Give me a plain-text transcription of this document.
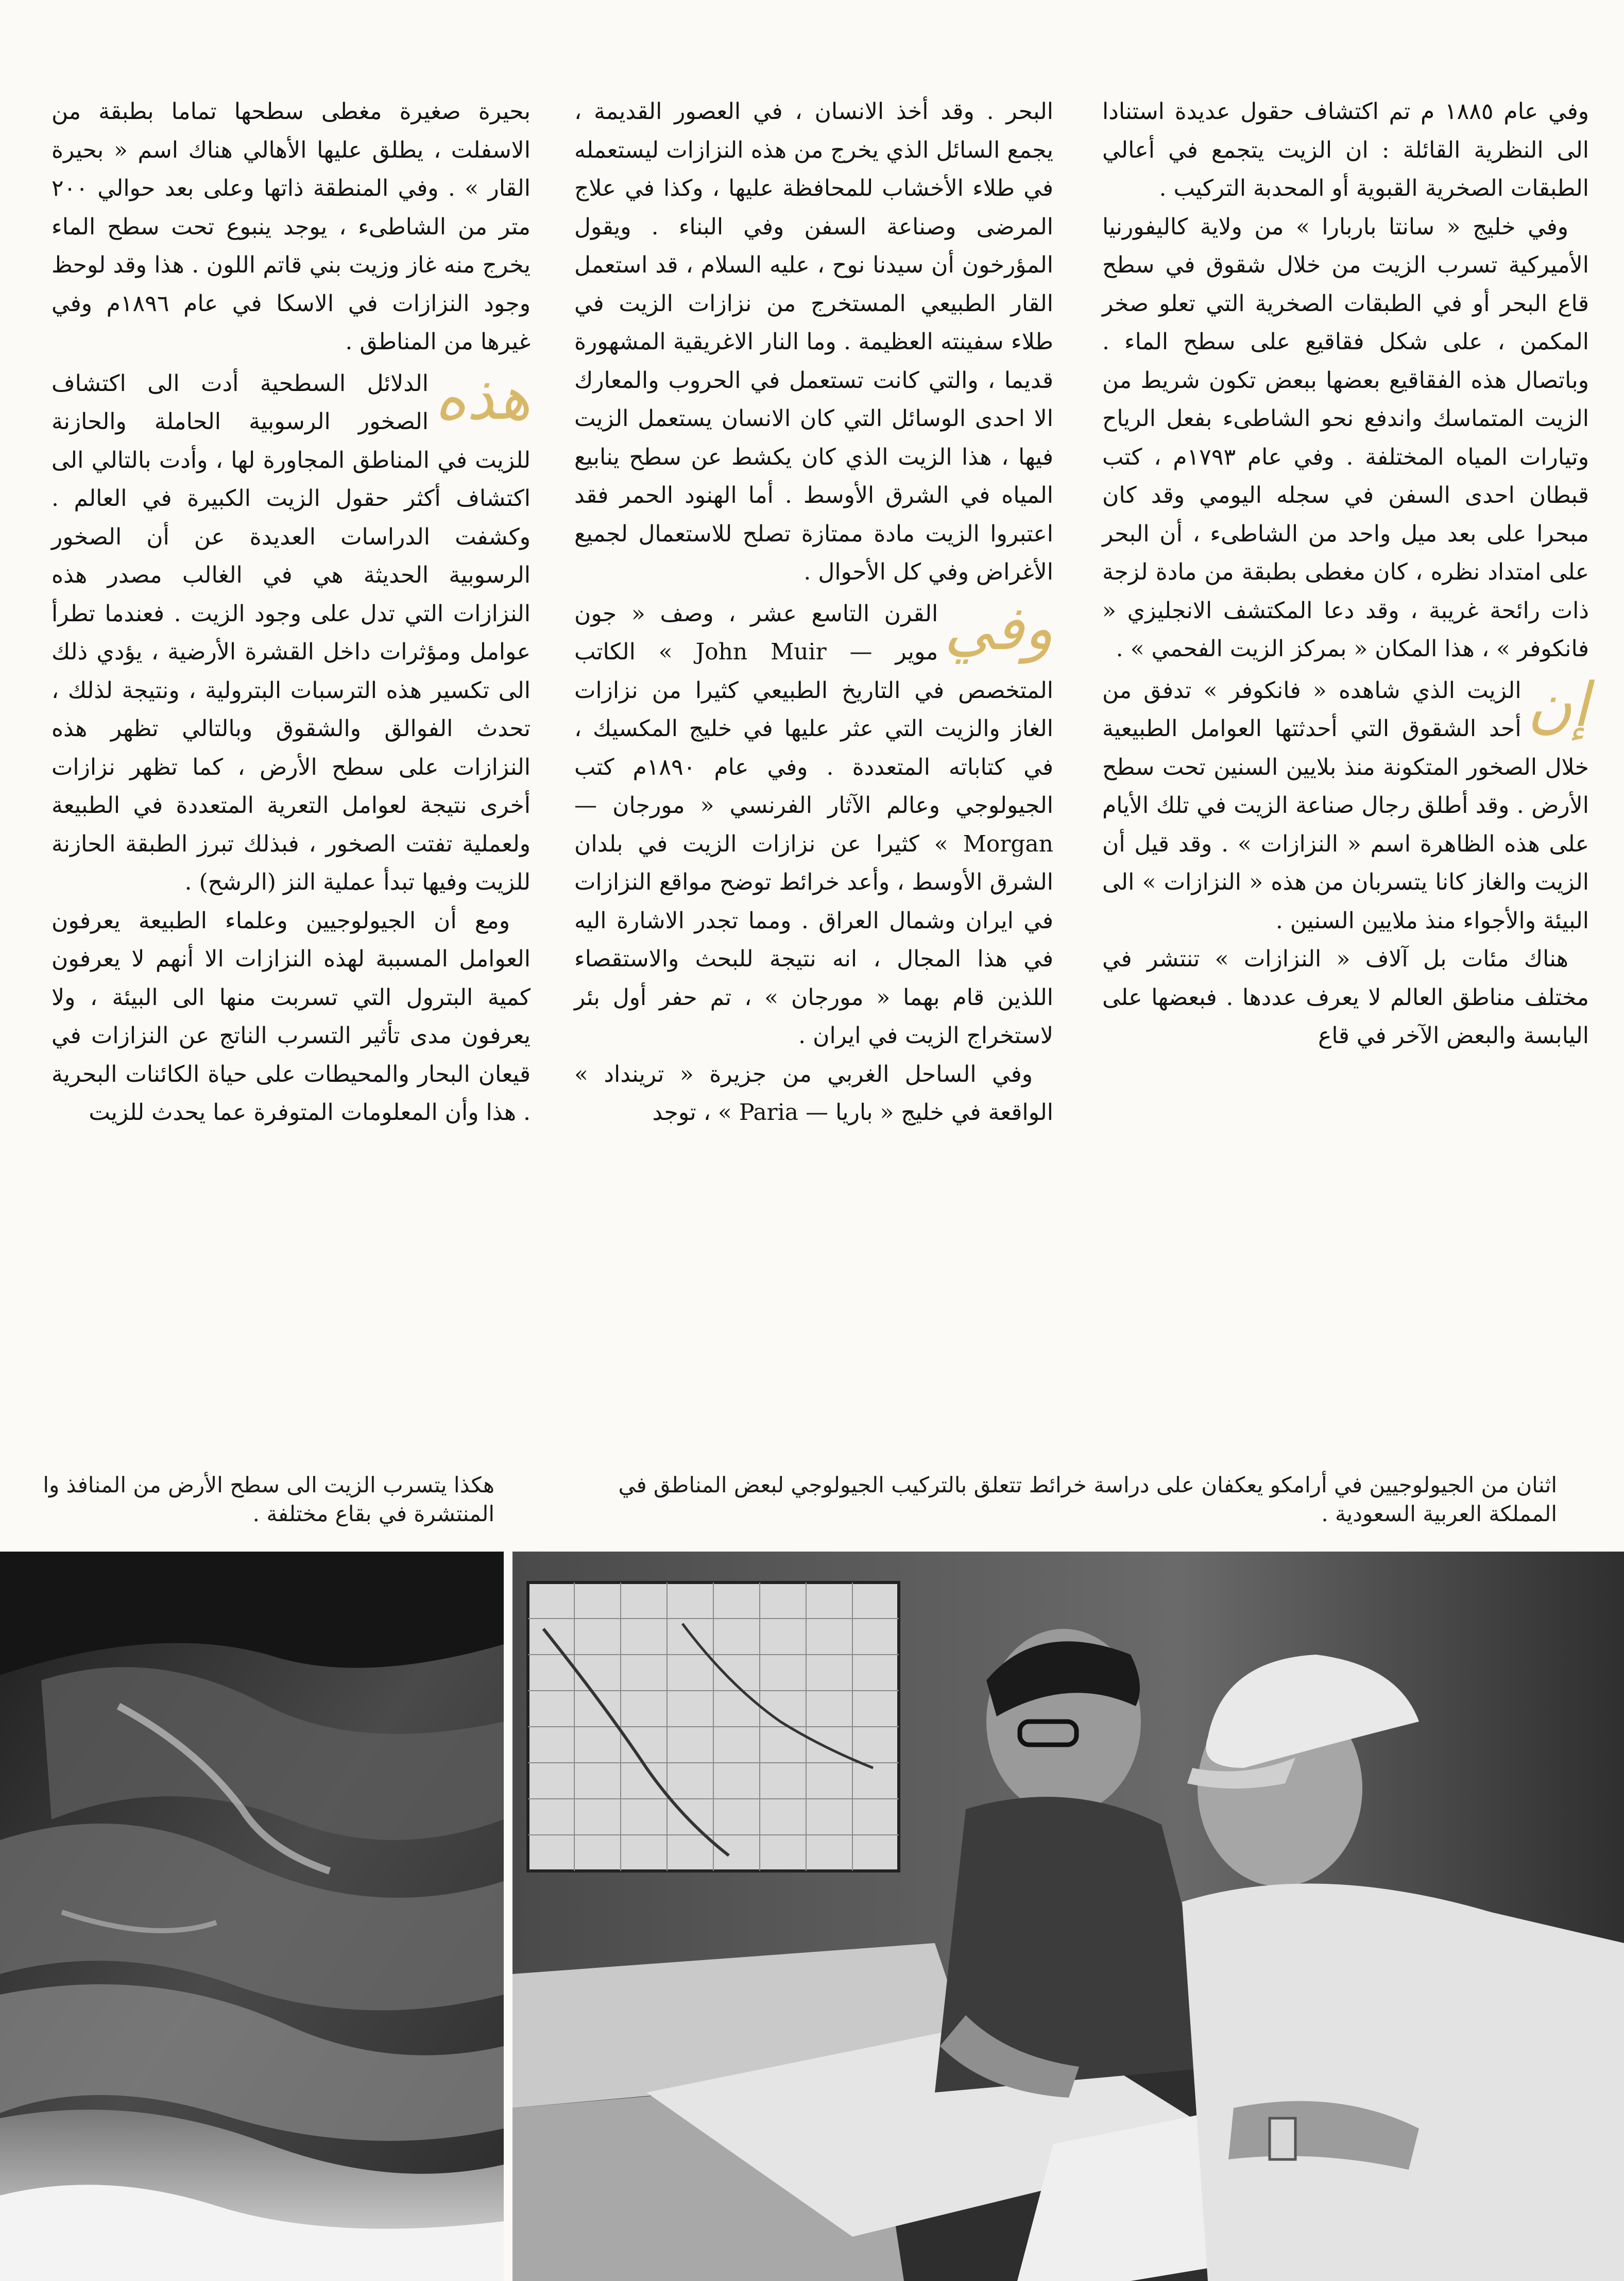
وفي عام ١٨٨٥ م تم اكتشاف حقول عديدة استنادا الى النظرية القائلة : ان الزيت يتجمع في أعالي الطبقات الصخرية القبوية أو المحدبة التركيب .

وفي خليج « سانتا باربارا » من ولاية كاليفورنيا الأميركية تسرب الزيت من خلال شقوق في سطح قاع البحر أو في الطبقات الصخرية التي تعلو صخر المكمن ، على شكل فقاقيع على سطح الماء . وباتصال هذه الفقاقيع بعضها ببعض تكون شريط من الزيت المتماسك واندفع نحو الشاطىء بفعل الرياح وتيارات المياه المختلفة . وفي عام ١٧٩٣م ، كتب قبطان احدى السفن في سجله اليومي وقد كان مبحرا على بعد ميل واحد من الشاطىء ، أن البحر على امتداد نظره ، كان مغطى بطبقة من مادة لزجة ذات رائحة غريبة ، وقد دعا المكتشف الانجليزي « فانكوفر » ، هذا المكان « بمركز الزيت الفحمي » .

إن
الزيت الذي شاهده « فانكوفر » تدفق من أحد الشقوق التي أحدثتها العوامل الطبيعية خلال الصخور المتكونة منذ بلايين السنين تحت سطح الأرض . وقد أطلق رجال صناعة الزيت في تلك الأيام على هذه الظاهرة اسم « النزازات » . وقد قيل أن الزيت والغاز كانا يتسربان من هذه « النزازات » الى البيئة والأجواء منذ ملايين السنين .

هناك مئات بل آلاف « النزازات » تنتشر في مختلف مناطق العالم لا يعرف عددها . فبعضها على اليابسة والبعض الآخر في قاع

البحر . وقد أخذ الانسان ، في العصور القديمة ، يجمع السائل الذي يخرج من هذه النزازات ليستعمله في طلاء الأخشاب للمحافظة عليها ، وكذا في علاج المرضى وصناعة السفن وفي البناء . ويقول المؤرخون أن سيدنا نوح ، عليه السلام ، قد استعمل القار الطبيعي المستخرج من نزازات الزيت في طلاء سفينته العظيمة . وما النار الاغريقية المشهورة قديما ، والتي كانت تستعمل في الحروب والمعارك الا احدى الوسائل التي كان الانسان يستعمل الزيت فيها ، هذا الزيت الذي كان يكشط عن سطح ينابيع المياه في الشرق الأوسط . أما الهنود الحمر فقد اعتبروا الزيت مادة ممتازة تصلح للاستعمال لجميع الأغراض وفي كل الأحوال .

وفي
القرن التاسع عشر ، وصف « جون موير — John Muir » الكاتب المتخصص في التاريخ الطبيعي كثيرا من نزازات الغاز والزيت التي عثر عليها في خليج المكسيك ، في كتاباته المتعددة . وفي عام ١٨٩٠م كتب الجيولوجي وعالم الآثار الفرنسي « مورجان — Morgan » كثيرا عن نزازات الزيت في بلدان الشرق الأوسط ، وأعد خرائط توضح مواقع النزازات في ايران وشمال العراق . ومما تجدر الاشارة اليه في هذا المجال ، انه نتيجة للبحث والاستقصاء اللذين قام بهما « مورجان » ، تم حفر أول بئر لاستخراج الزيت في ايران .

وفي الساحل الغربي من جزيرة « ترينداد » الواقعة في خليج « باريا — Paria » ، توجد

بحيرة صغيرة مغطى سطحها تماما بطبقة من الاسفلت ، يطلق عليها الأهالي هناك اسم « بحيرة القار » . وفي المنطقة ذاتها وعلى بعد حوالي ٢٠٠ متر من الشاطىء ، يوجد ينبوع تحت سطح الماء يخرج منه غاز وزيت بني قاتم اللون . هذا وقد لوحظ وجود النزازات في الاسكا في عام ١٨٩٦م وفي غيرها من المناطق .

هذه
الدلائل السطحية أدت الى اكتشاف الصخور الرسوبية الحاملة والحازنة للزيت في المناطق المجاورة لها ، وأدت بالتالي الى اكتشاف أكثر حقول الزيت الكبيرة في العالم . وكشفت الدراسات العديدة عن أن الصخور الرسوبية الحديثة هي في الغالب مصدر هذه النزازات التي تدل على وجود الزيت . فعندما تطرأ عوامل ومؤثرات داخل القشرة الأرضية ، يؤدي ذلك الى تكسير هذه الترسبات البترولية ، ونتيجة لذلك ، تحدث الفوالق والشقوق وبالتالي تظهر هذه النزازات على سطح الأرض ، كما تظهر نزازات أخرى نتيجة لعوامل التعرية المتعددة في الطبيعة ولعملية تفتت الصخور ، فبذلك تبرز الطبقة الحازنة للزيت وفيها تبدأ عملية النز (الرشح) .

ومع أن الجيولوجيين وعلماء الطبيعة يعرفون العوامل المسببة لهذه النزازات الا أنهم لا يعرفون كمية البترول التي تسربت منها الى البيئة ، ولا يعرفون مدى تأثير التسرب الناتج عن النزازات في قيعان البحار والمحيطات على حياة الكائنات البحرية . هذا وأن المعلومات المتوفرة عما يحدث للزيت

اثنان من الجيولوجيين في أرامكو يعكفان على دراسة خرائط تتعلق بالتركيب الجيولوجي لبعض المناطق في المملكة العربية السعودية .
هكذا يتسرب الزيت الى سطح الأرض من المنافذ وا المنتشرة في بقاع مختلفة .
